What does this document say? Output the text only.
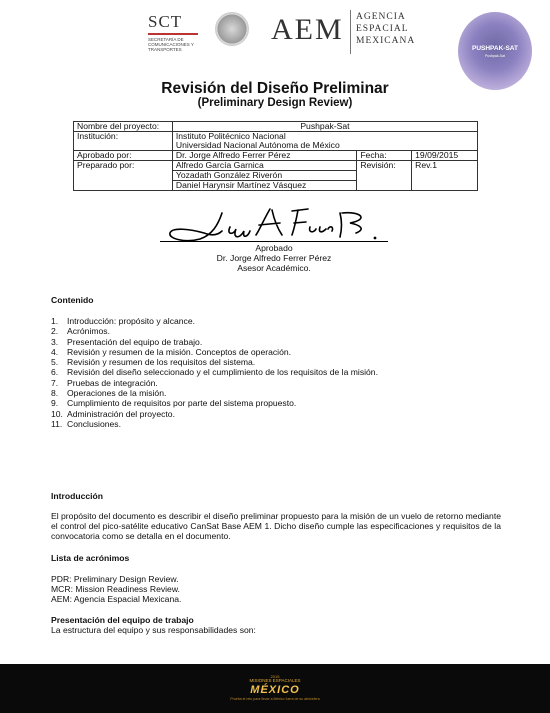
SCT
SECRETARÍA DE COMUNICACIONES Y TRANSPORTES
AEM AGENCIA
ESPACIAL
MEXICANA
PUSHPAK-SAT
Pushpak-Sat
Revisión del Diseño Preliminar
(Preliminary Design Review)
Nombre del proyecto:	Pushpak-Sat		
Institución:	Instituto Politécnico Nacional
Universidad Nacional Autónoma de México		

Aprobado por:	Dr. Jorge Alfredo Ferrer Pérez	Fecha:	19/09/2015
Preparado por:	Alfredo García Garnica	Revisión:	Rev.1
	Yozadath González Riverón		
	Daniel Harynsir Martínez Vásquez		
Aprobado
Dr. Jorge Alfredo Ferrer Pérez
Asesor Académico.
Contenido
1.	Introducción: propósito y alcance.
2.	Acrónimos.
3.	Presentación del equipo de trabajo.
4.	Revisión y resumen de la misión. Conceptos de operación.
5.	Revisión y resumen de los requisitos del sistema.
6.	Revisión del diseño seleccionado y el cumplimiento de los requisitos de la misión.
7.	Pruebas de integración.
8.	Operaciones de la misión.
9.	Cumplimiento de requisitos por parte del sistema propuesto.
10. Administración del proyecto.
11. Conclusiones.
Introducción
El propósito del documento es describir el diseño preliminar propuesto para la misión de un vuelo de retorno mediante el control del pico-satélite educativo CanSat Base AEM 1. Dicho diseño cumple las especificaciones y requisitos de la convocatoria como se detalla en el documento.
Lista de acrónimos
PDR: Preliminary Design Review.
MCR: Mission Readiness Review.
AEM: Agencia Espacial Mexicana.
Presentación del equipo de trabajo
La estructura del equipo y sus responsabilidades son:
2015
MISIONES ESPACIALES
MÉXICO
Prueba el reto para llevar a México fuera de su atmósfera
